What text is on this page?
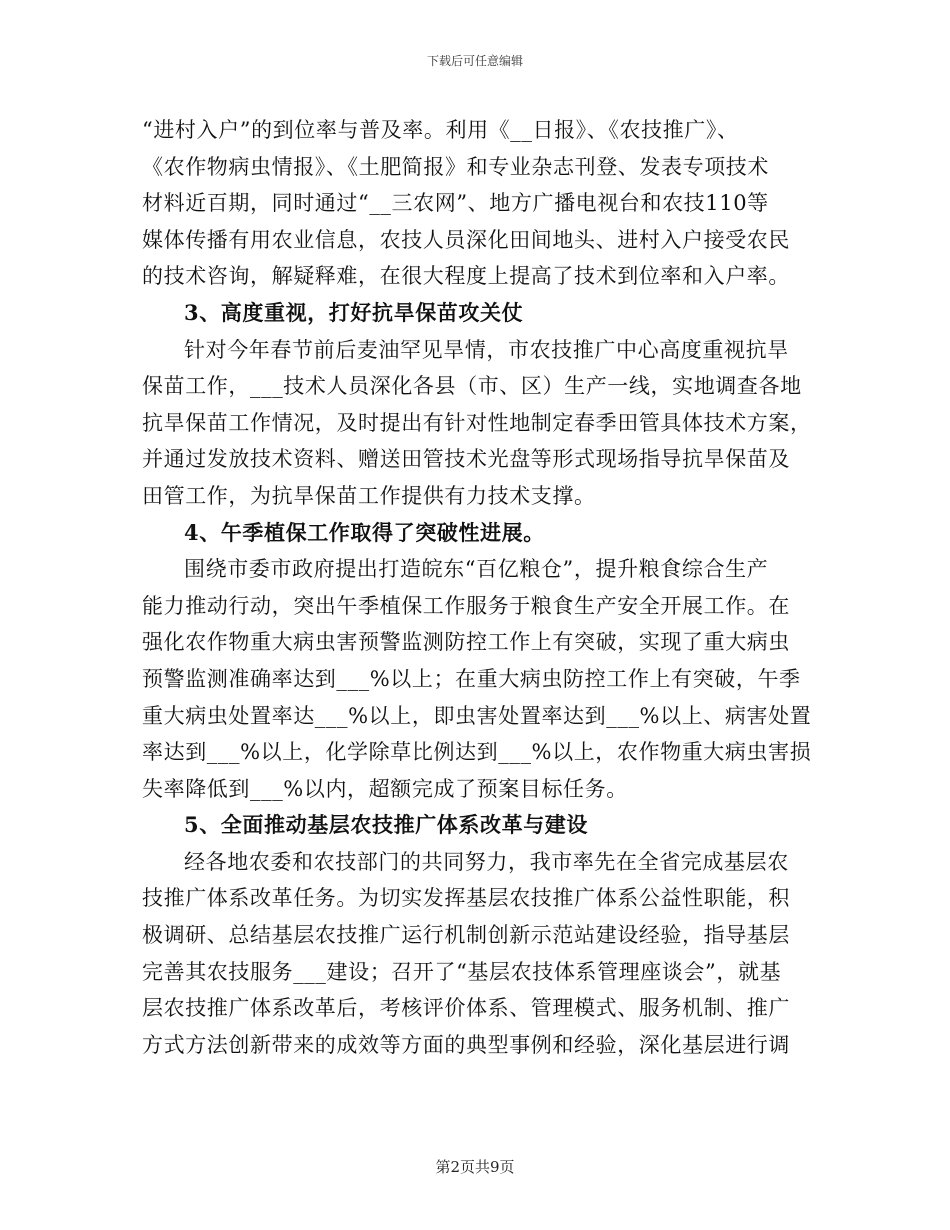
下载后可任意编辑
“进村入户”的到位率与普及率。利用《__日报》、《农技推广》、
《农作物病虫情报》、《土肥简报》和专业杂志刊登、发表专项技术
材料近百期，同时通过“__三农网”、地方广播电视台和农技110等
媒体传播有用农业信息，农技人员深化田间地头、进村入户接受农民
的技术咨询，解疑释难，在很大程度上提高了技术到位率和入户率。
3、高度重视，打好抗旱保苗攻关仗
针对今年春节前后麦油罕见旱情，市农技推广中心高度重视抗旱
保苗工作，___技术人员深化各县（市、区）生产一线，实地调查各地
抗旱保苗工作情况，及时提出有针对性地制定春季田管具体技术方案，
并通过发放技术资料、赠送田管技术光盘等形式现场指导抗旱保苗及
田管工作，为抗旱保苗工作提供有力技术支撑。
4、午季植保工作取得了突破性进展。
围绕市委市政府提出打造皖东“百亿粮仓”，提升粮食综合生产
能力推动行动，突出午季植保工作服务于粮食生产安全开展工作。在
强化农作物重大病虫害预警监测防控工作上有突破，实现了重大病虫
预警监测准确率达到___%以上；在重大病虫防控工作上有突破，午季
重大病虫处置率达___%以上，即虫害处置率达到___%以上、病害处置
率达到___%以上，化学除草比例达到___%以上，农作物重大病虫害损
失率降低到___%以内，超额完成了预案目标任务。
5、全面推动基层农技推广体系改革与建设
经各地农委和农技部门的共同努力，我市率先在全省完成基层农
技推广体系改革任务。为切实发挥基层农技推广体系公益性职能，积
极调研、总结基层农技推广运行机制创新示范站建设经验，指导基层
完善其农技服务___建设；召开了“基层农技体系管理座谈会”，就基
层农技推广体系改革后，考核评价体系、管理模式、服务机制、推广
方式方法创新带来的成效等方面的典型事例和经验，深化基层进行调
第2页共9页
